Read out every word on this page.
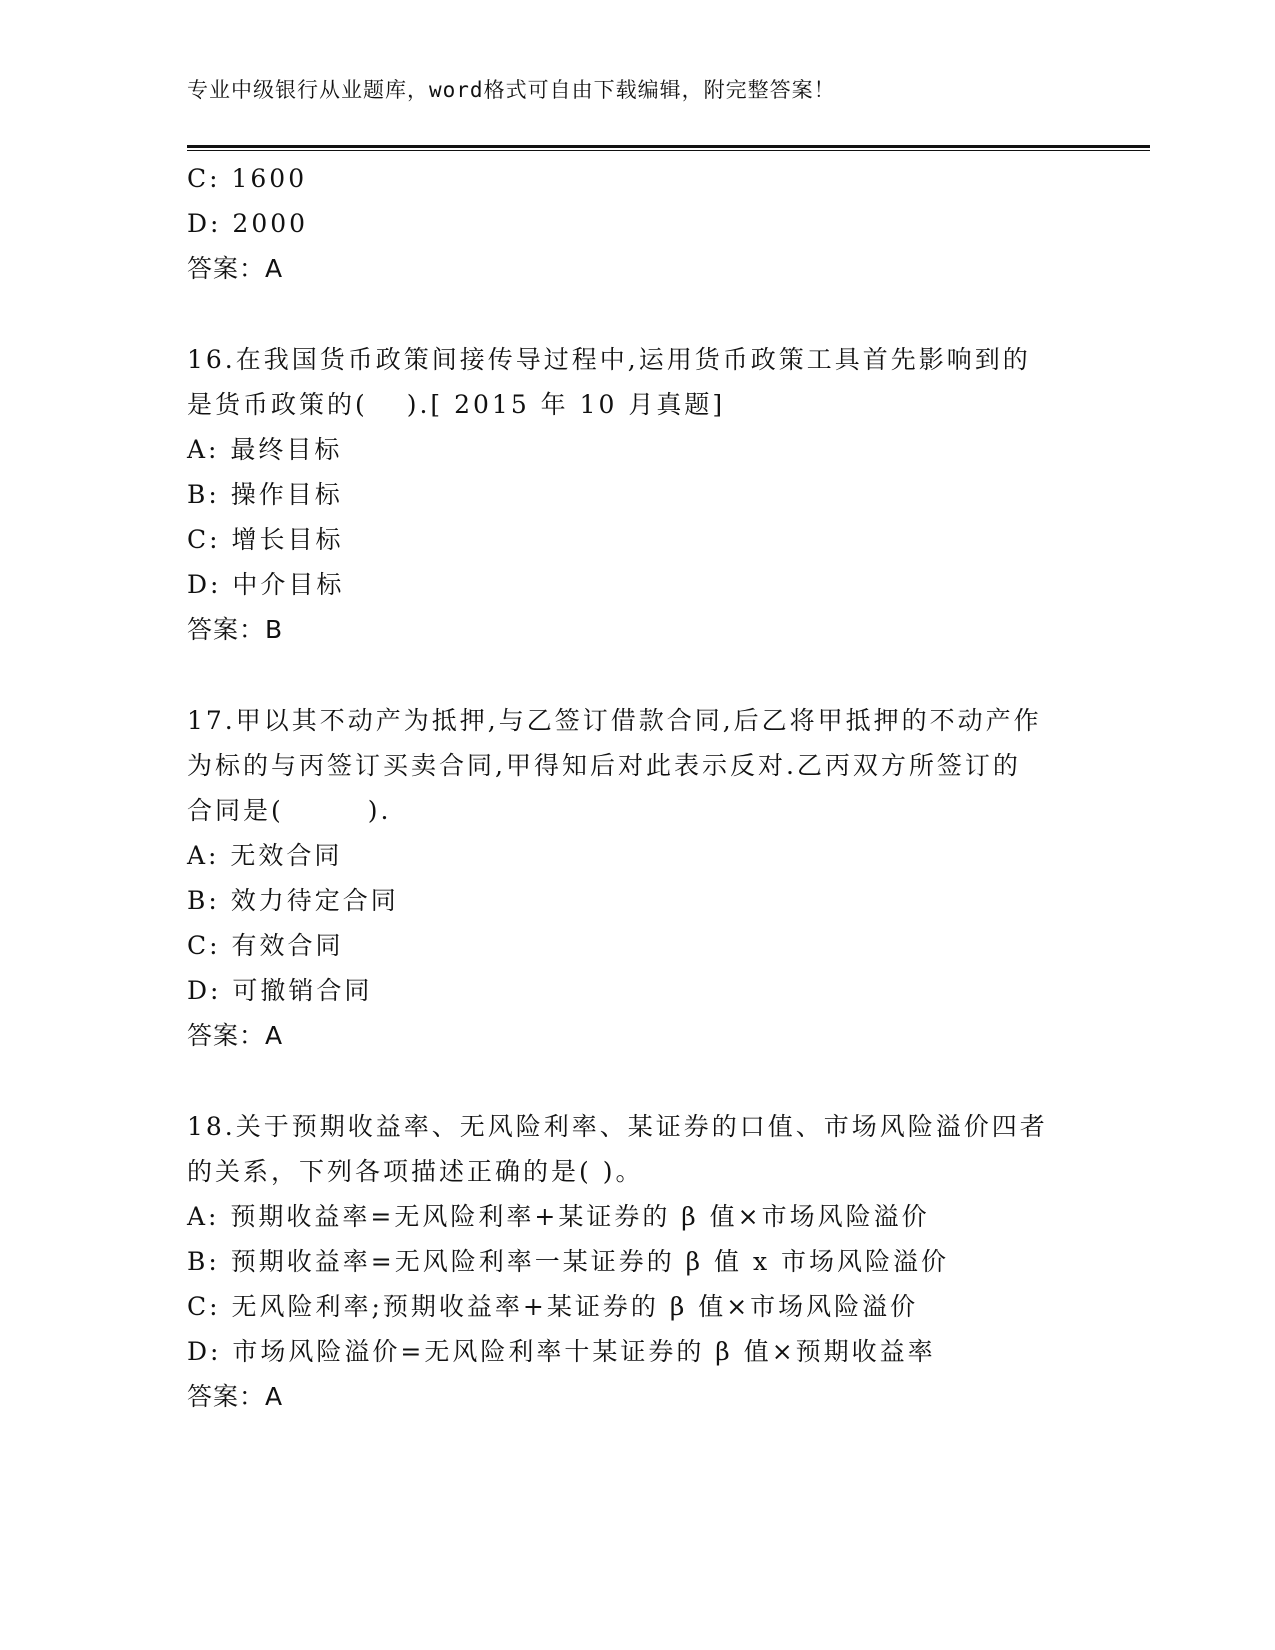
专业中级银行从业题库，word格式可自由下载编辑，附完整答案！
C: 1600
D: 2000
答案：A
16.在我国货币政策间接传导过程中,运用货币政策工具首先影响到的
是货币政策的(　 ).[ 2015 年 10 月真题]
A: 最终目标
B: 操作目标
C: 增长目标
D: 中介目标
答案：B
17.甲以其不动产为抵押,与乙签订借款合同,后乙将甲抵押的不动产作
为标的与丙签订买卖合同,甲得知后对此表示反对.乙丙双方所签订的
合同是(　　　).　
A: 无效合同
B: 效力待定合同
C: 有效合同
D: 可撤销合同
答案：A
18.关于预期收益率、无风险利率、某证券的口值、市场风险溢价四者
的关系，下列各项描述正确的是( )。
A: 预期收益率=无风险利率+某证券的 β 值×市场风险溢价
B: 预期收益率=无风险利率一某证券的 β 值 x 市场风险溢价
C: 无风险利率;预期收益率+某证券的 β 值×市场风险溢价
D: 市场风险溢价=无风险利率十某证券的 β 值×预期收益率
答案：A
